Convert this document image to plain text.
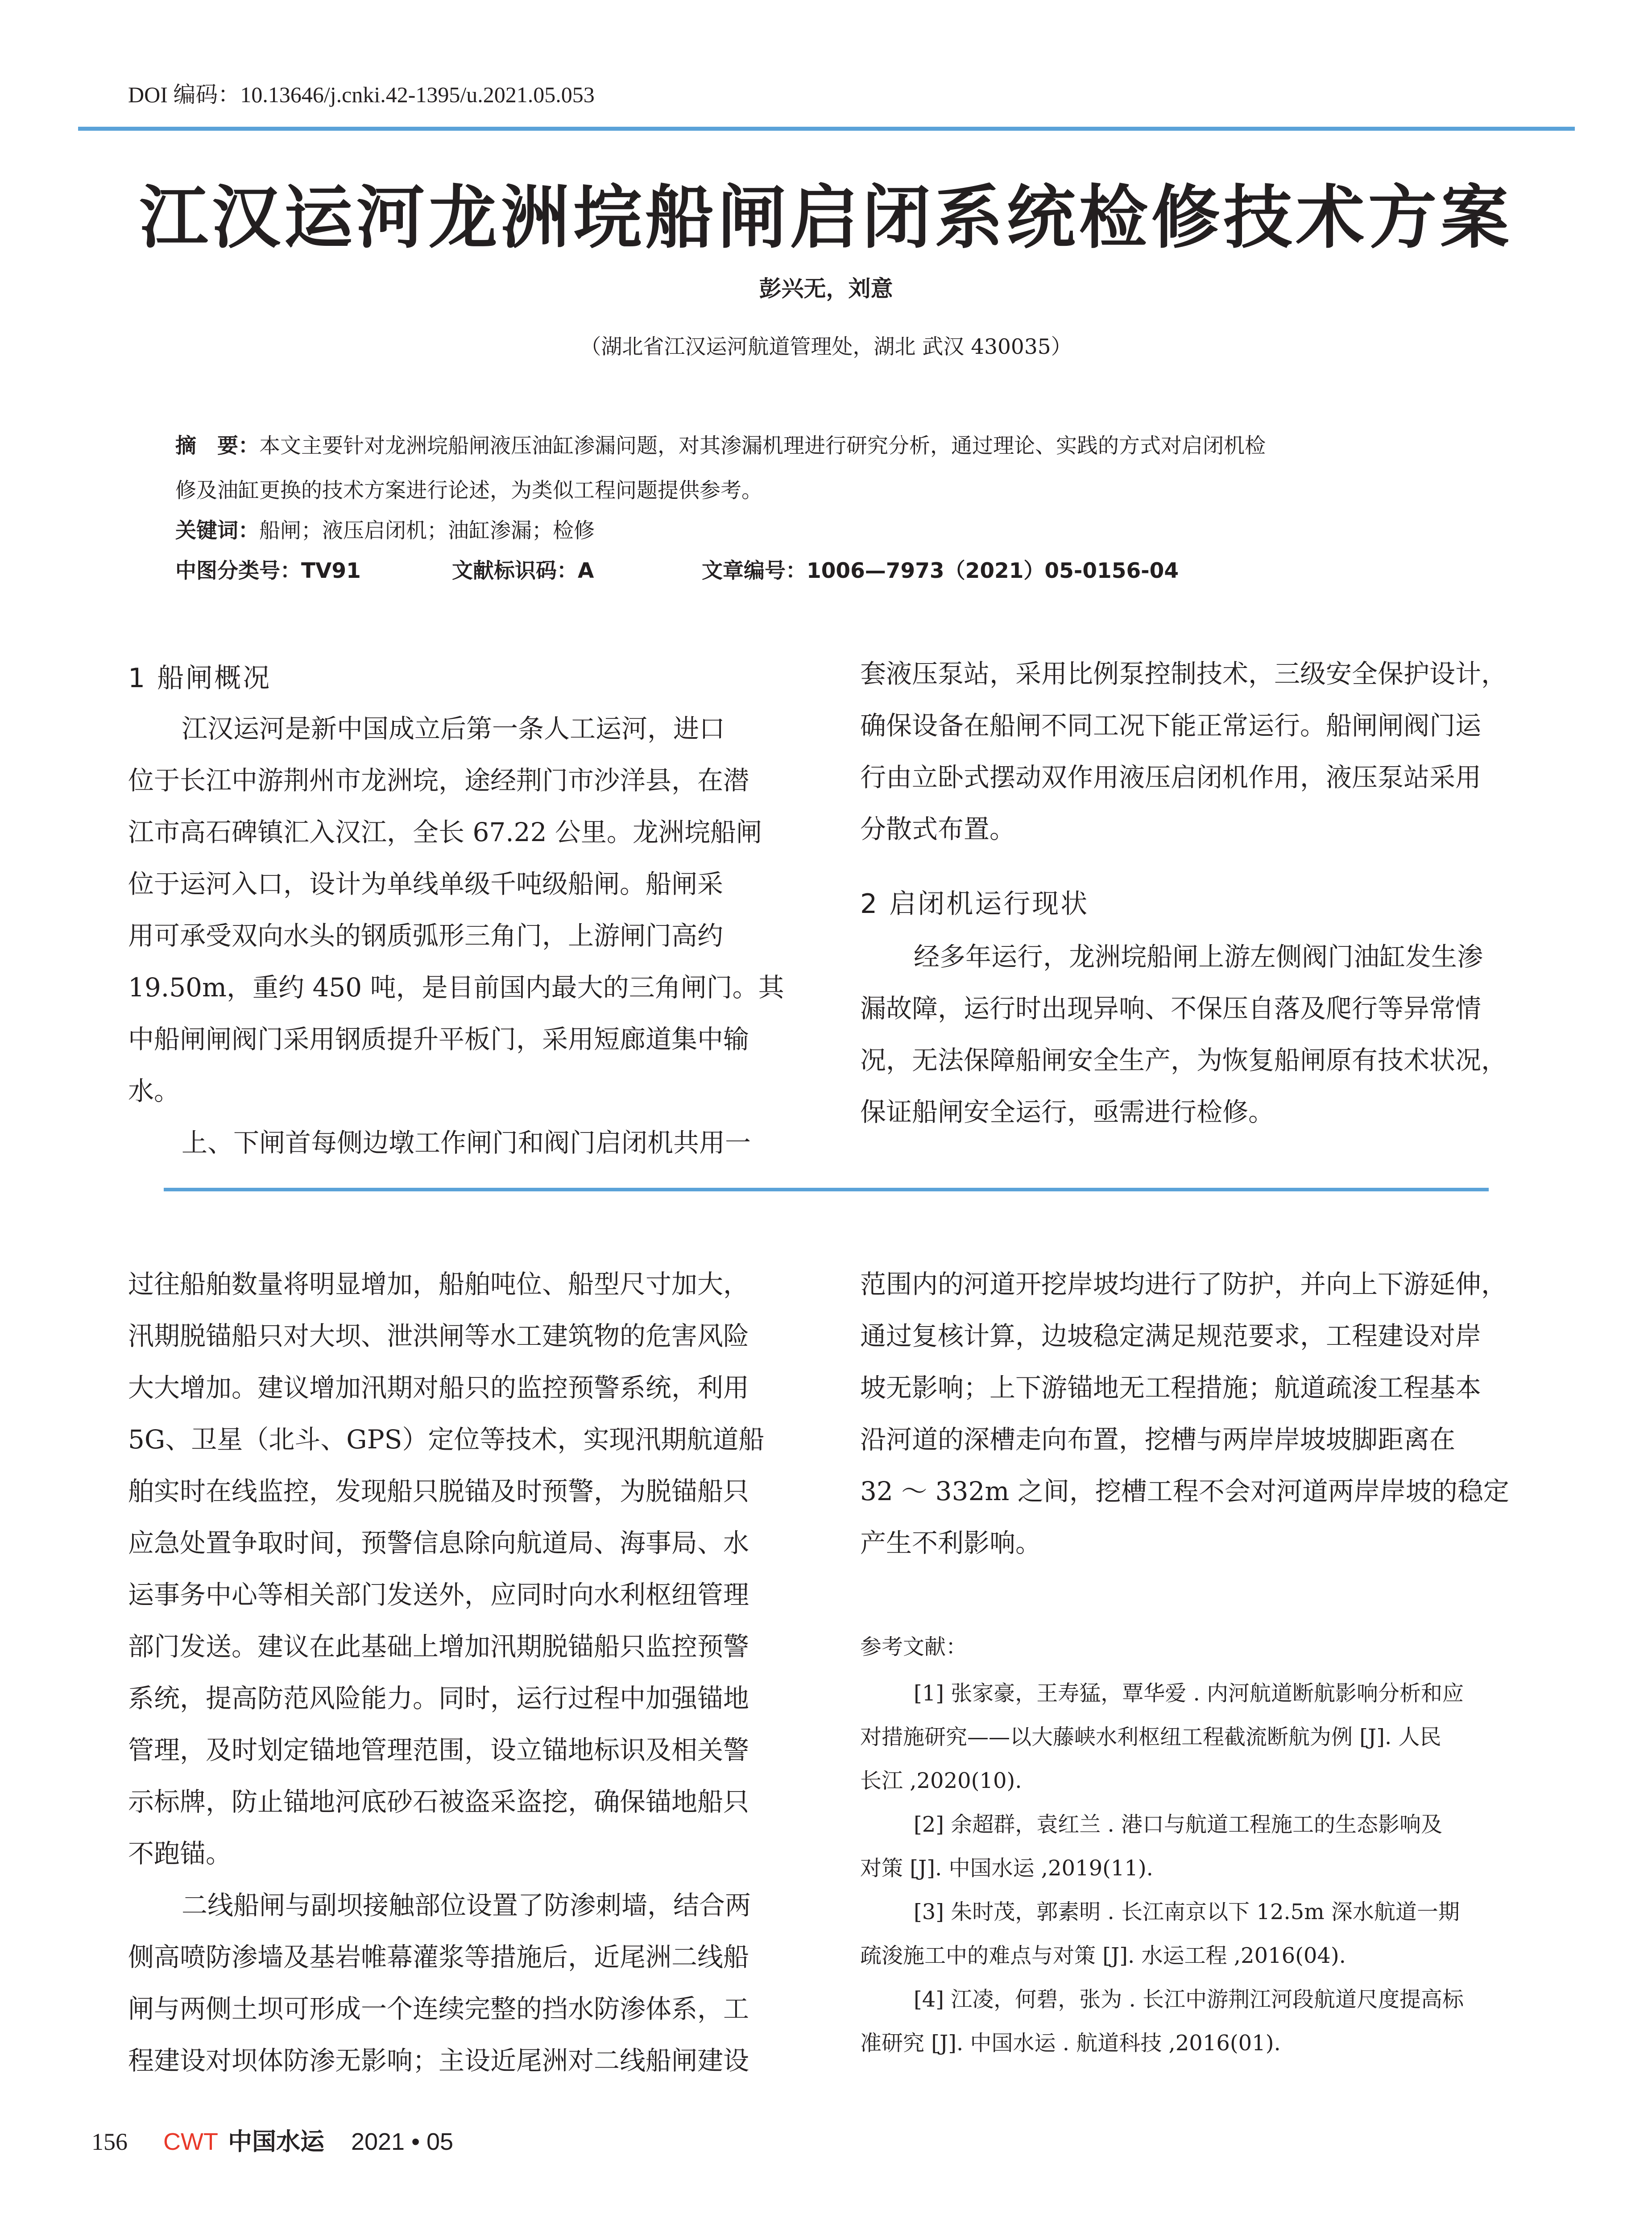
DOI 编码：10.13646/j.cnki.42-1395/u.2021.05.053
江汉运河龙洲垸船闸启闭系统检修技术方案
彭兴无，刘意
（湖北省江汉运河航道管理处，湖北 武汉 430035）
摘　要：本文主要针对龙洲垸船闸液压油缸渗漏问题，对其渗漏机理进行研究分析，通过理论、实践的方式对启闭机检
修及油缸更换的技术方案进行论述，为类似工程问题提供参考。
关键词：船闸；液压启闭机；油缸渗漏；检修
中图分类号：TV91	文献标识码：A	文章编号：1006—7973（2021）05-0156-04
1 船闸概况
江汉运河是新中国成立后第一条人工运河，进口
位于长江中游荆州市龙洲垸，途经荆门市沙洋县，在潜
江市高石碑镇汇入汉江，全长 67.22 公里。龙洲垸船闸
位于运河入口，设计为单线单级千吨级船闸。船闸采
用可承受双向水头的钢质弧形三角门，上游闸门高约
19.50m，重约 450 吨，是目前国内最大的三角闸门。其
中船闸闸阀门采用钢质提升平板门，采用短廊道集中输
水。
上、下闸首每侧边墩工作闸门和阀门启闭机共用一
套液压泵站，采用比例泵控制技术，三级安全保护设计，
确保设备在船闸不同工况下能正常运行。船闸闸阀门运
行由立卧式摆动双作用液压启闭机作用，液压泵站采用
分散式布置。
2 启闭机运行现状
经多年运行，龙洲垸船闸上游左侧阀门油缸发生渗
漏故障，运行时出现异响、不保压自落及爬行等异常情
况，无法保障船闸安全生产，为恢复船闸原有技术状况，
保证船闸安全运行，亟需进行检修。
过往船舶数量将明显增加，船舶吨位、船型尺寸加大，
汛期脱锚船只对大坝、泄洪闸等水工建筑物的危害风险
大大增加。建议增加汛期对船只的监控预警系统，利用
5G、卫星（北斗、GPS）定位等技术，实现汛期航道船
舶实时在线监控，发现船只脱锚及时预警，为脱锚船只
应急处置争取时间，预警信息除向航道局、海事局、水
运事务中心等相关部门发送外，应同时向水利枢纽管理
部门发送。建议在此基础上增加汛期脱锚船只监控预警
系统，提高防范风险能力。同时，运行过程中加强锚地
管理，及时划定锚地管理范围，设立锚地标识及相关警
示标牌，防止锚地河底砂石被盗采盗挖，确保锚地船只
不跑锚。
二线船闸与副坝接触部位设置了防渗刺墙，结合两
侧高喷防渗墙及基岩帷幕灌浆等措施后，近尾洲二线船
闸与两侧土坝可形成一个连续完整的挡水防渗体系，工
程建设对坝体防渗无影响；主设近尾洲对二线船闸建设
范围内的河道开挖岸坡均进行了防护，并向上下游延伸，
通过复核计算，边坡稳定满足规范要求，工程建设对岸
坡无影响；上下游锚地无工程措施；航道疏浚工程基本
沿河道的深槽走向布置，挖槽与两岸岸坡坡脚距离在
32 ～ 332m 之间，挖槽工程不会对河道两岸岸坡的稳定
产生不利影响。
参考文献：
[1] 张家豪，王寿猛，覃华爱 . 内河航道断航影响分析和应
对措施研究——以大藤峡水利枢纽工程截流断航为例 [J]. 人民
长江 ,2020(10).
[2] 余超群，袁红兰 . 港口与航道工程施工的生态影响及
对策 [J]. 中国水运 ,2019(11).
[3] 朱时茂，郭素明 . 长江南京以下 12.5m 深水航道一期
疏浚施工中的难点与对策 [J]. 水运工程 ,2016(04).
[4] 江凌，何碧，张为 . 长江中游荆江河段航道尺度提高标
准研究 [J]. 中国水运 . 航道科技 ,2016(01).
156 CWT 中国水运 2021 • 05
